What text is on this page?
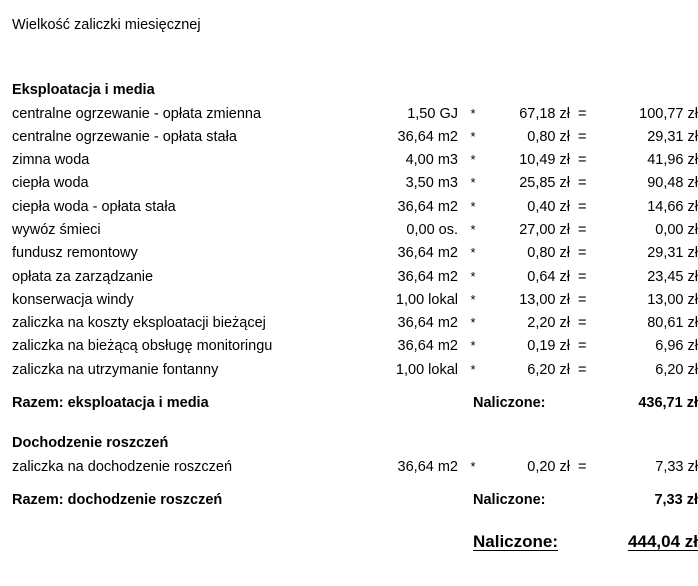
Wielkość zaliczki miesięcznej
Eksploatacja i media					
centralne ogrzewanie - opłata zmienna	1,50 GJ	*	67,18 zł	=	100,77 zł
centralne ogrzewanie - opłata stała	36,64 m2	*	0,80 zł	=	29,31 zł
zimna woda	4,00 m3	*	10,49 zł	=	41,96 zł
ciepła woda	3,50 m3	*	25,85 zł	=	90,48 zł
ciepła woda - opłata stała	36,64 m2	*	0,40 zł	=	14,66 zł
wywóz śmieci	0,00 os.	*	27,00 zł	=	0,00 zł
fundusz remontowy	36,64 m2	*	0,80 zł	=	29,31 zł
opłata za zarządzanie	36,64 m2	*	0,64 zł	=	23,45 zł
konserwacja windy	1,00 lokal	*	13,00 zł	=	13,00 zł
zaliczka na koszty eksploatacji bieżącej	36,64 m2	*	2,20 zł	=	80,61 zł
zaliczka na bieżącą obsługę monitoringu	36,64 m2	*	0,19 zł	=	6,96 zł
zaliczka na utrzymanie fontanny	1,00 lokal	*	6,20 zł	=	6,20 zł

Razem: eksploatacja i media		Naliczone:			436,71 zł

Dochodzenie roszczeń					
zaliczka na dochodzenie roszczeń	36,64 m2	*	0,20 zł	=	7,33 zł

Razem: dochodzenie roszczeń		Naliczone:			7,33 zł

		Naliczone:			444,04 zł
